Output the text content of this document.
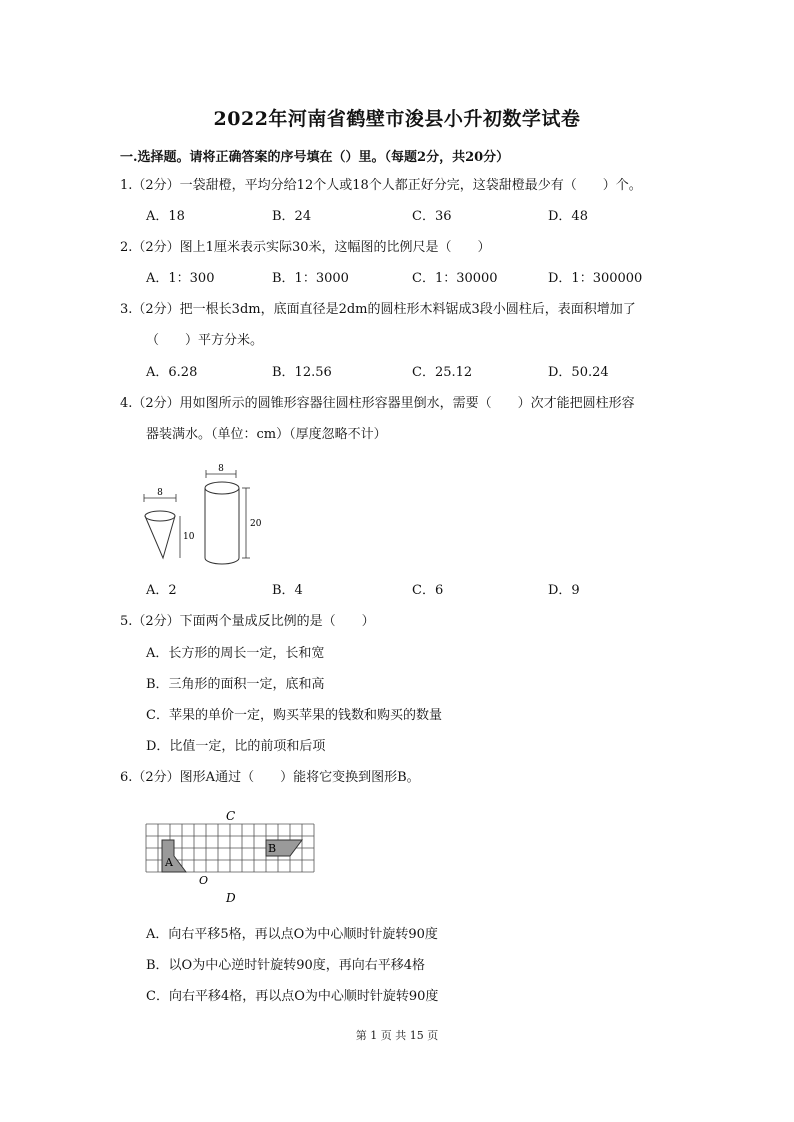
2022年河南省鹤壁市浚县小升初数学试卷
一.选择题。请将正确答案的序号填在（）里。（每题2分，共20分）
1.（2分）一袋甜橙，平均分给12个人或18个人都正好分完，这袋甜橙最少有（　　）个。
A．18	B．24	C．36	D．48
2.（2分）图上1厘米表示实际30米，这幅图的比例尺是（　　）
A．1：300	B．1：3000	C．1：30000	D．1：300000
3.（2分）把一根长3dm，底面直径是2dm的圆柱形木料锯成3段小圆柱后，表面积增加了
（　　）平方分米。
A．6.28	B．12.56	C．25.12	D．50.24
4.（2分）用如图所示的圆锥形容器往圆柱形容器里倒水，需要（　　）次才能把圆柱形容
器装满水。（单位：cm）（厚度忽略不计）
8
10
8
20
A．2	B．4	C．6	D．9
5.（2分）下面两个量成反比例的是（　　）
A．长方形的周长一定，长和宽
B．三角形的面积一定，底和高
C．苹果的单价一定，购买苹果的钱数和购买的数量
D．比值一定，比的前项和后项
6.（2分）图形A通过（　　）能将它变换到图形B。
A
B
C
D
O
A．向右平移5格，再以点O为中心顺时针旋转90度
B．以O为中心逆时针旋转90度，再向右平移4格
C．向右平移4格，再以点O为中心顺时针旋转90度
第 1 页 共 15 页
